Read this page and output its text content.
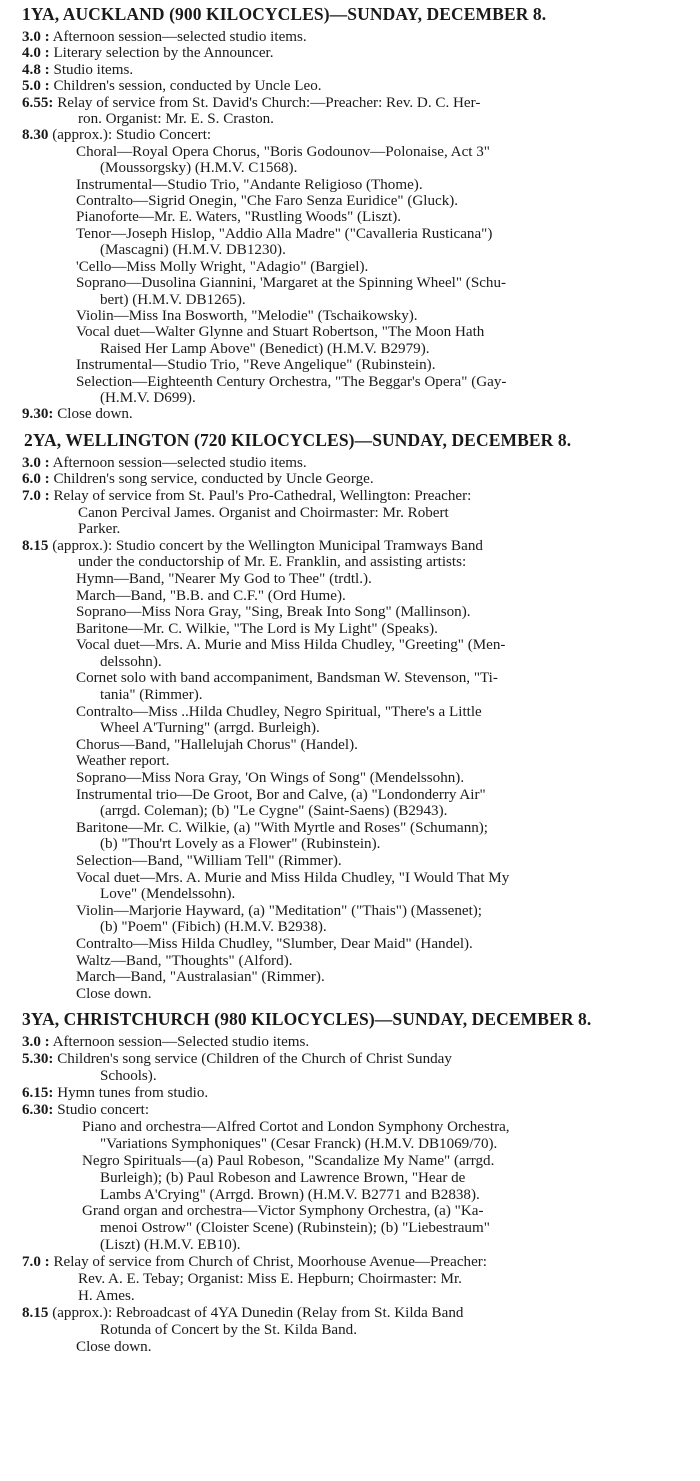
1YA, AUCKLAND (900 KILOCYCLES)—SUNDAY, DECEMBER 8.
3.0 : Afternoon session—selected studio items.
4.0 : Literary selection by the Announcer.
4.8 : Studio items.
5.0 : Children's session, conducted by Uncle Leo.
6.55: Relay of service from St. David's Church:—Preacher: Rev. D. C. Her-
ron. Organist: Mr. E. S. Craston.
8.30 (approx.): Studio Concert:
Choral—Royal Opera Chorus, "Boris Godounov—Polonaise, Act 3"
(Moussorgsky) (H.M.V. C1568).
Instrumental—Studio Trio, "Andante Religioso (Thome).
Contralto—Sigrid Onegin, "Che Faro Senza Euridice" (Gluck).
Pianoforte—Mr. E. Waters, "Rustling Woods" (Liszt).
Tenor—Joseph Hislop, "Addio Alla Madre" ("Cavalleria Rusticana")
(Mascagni) (H.M.V. DB1230).
'Cello—Miss Molly Wright, "Adagio" (Bargiel).
Soprano—Dusolina Giannini, 'Margaret at the Spinning Wheel" (Schu-
bert) (H.M.V. DB1265).
Violin—Miss Ina Bosworth, "Melodie" (Tschaikowsky).
Vocal duet—Walter Glynne and Stuart Robertson, "The Moon Hath
Raised Her Lamp Above" (Benedict) (H.M.V. B2979).
Instrumental—Studio Trio, "Reve Angelique" (Rubinstein).
Selection—Eighteenth Century Orchestra, "The Beggar's Opera" (Gay-
(H.M.V. D699).
9.30: Close down.
2YA, WELLINGTON (720 KILOCYCLES)—SUNDAY, DECEMBER 8.
3.0 : Afternoon session—selected studio items.
6.0 : Children's song service, conducted by Uncle George.
7.0 : Relay of service from St. Paul's Pro-Cathedral, Wellington: Preacher:
Canon Percival James. Organist and Choirmaster: Mr. Robert
Parker.
8.15 (approx.): Studio concert by the Wellington Municipal Tramways Band
under the conductorship of Mr. E. Franklin, and assisting artists:
Hymn—Band, "Nearer My God to Thee" (trdtl.).
March—Band, "B.B. and C.F." (Ord Hume).
Soprano—Miss Nora Gray, "Sing, Break Into Song" (Mallinson).
Baritone—Mr. C. Wilkie, "The Lord is My Light" (Speaks).
Vocal duet—Mrs. A. Murie and Miss Hilda Chudley, "Greeting" (Men-
delssohn).
Cornet solo with band accompaniment, Bandsman W. Stevenson, "Ti-
tania" (Rimmer).
Contralto—Miss ..Hilda Chudley, Negro Spiritual, "There's a Little
Wheel A'Turning" (arrgd. Burleigh).
Chorus—Band, "Hallelujah Chorus" (Handel).
Weather report.
Soprano—Miss Nora Gray, 'On Wings of Song" (Mendelssohn).
Instrumental trio—De Groot, Bor and Calve, (a) "Londonderry Air"
(arrgd. Coleman); (b) "Le Cygne" (Saint-Saens) (B2943).
Baritone—Mr. C. Wilkie, (a) "With Myrtle and Roses" (Schumann);
(b) "Thou'rt Lovely as a Flower" (Rubinstein).
Selection—Band, "William Tell" (Rimmer).
Vocal duet—Mrs. A. Murie and Miss Hilda Chudley, "I Would That My
Love" (Mendelssohn).
Violin—Marjorie Hayward, (a) "Meditation" ("Thais") (Massenet);
(b) "Poem" (Fibich) (H.M.V. B2938).
Contralto—Miss Hilda Chudley, "Slumber, Dear Maid" (Handel).
Waltz—Band, "Thoughts" (Alford).
March—Band, "Australasian" (Rimmer).
Close down.
3YA, CHRISTCHURCH (980 KILOCYCLES)—SUNDAY, DECEMBER 8.
3.0 : Afternoon session—Selected studio items.
5.30: Children's song service (Children of the Church of Christ Sunday
Schools).
6.15: Hymn tunes from studio.
6.30: Studio concert:
Piano and orchestra—Alfred Cortot and London Symphony Orchestra,
"Variations Symphoniques" (Cesar Franck) (H.M.V. DB1069/70).
Negro Spirituals—(a) Paul Robeson, "Scandalize My Name" (arrgd.
Burleigh); (b) Paul Robeson and Lawrence Brown, "Hear de
Lambs A'Crying" (Arrgd. Brown) (H.M.V. B2771 and B2838).
Grand organ and orchestra—Victor Symphony Orchestra, (a) "Ka-
menoi Ostrow" (Cloister Scene) (Rubinstein); (b) "Liebestraum"
(Liszt) (H.M.V. EB10).
7.0 : Relay of service from Church of Christ, Moorhouse Avenue—Preacher:
Rev. A. E. Tebay; Organist: Miss E. Hepburn; Choirmaster: Mr.
H. Ames.
8.15 (approx.): Rebroadcast of 4YA Dunedin (Relay from St. Kilda Band
Rotunda of Concert by the St. Kilda Band.
Close down.
